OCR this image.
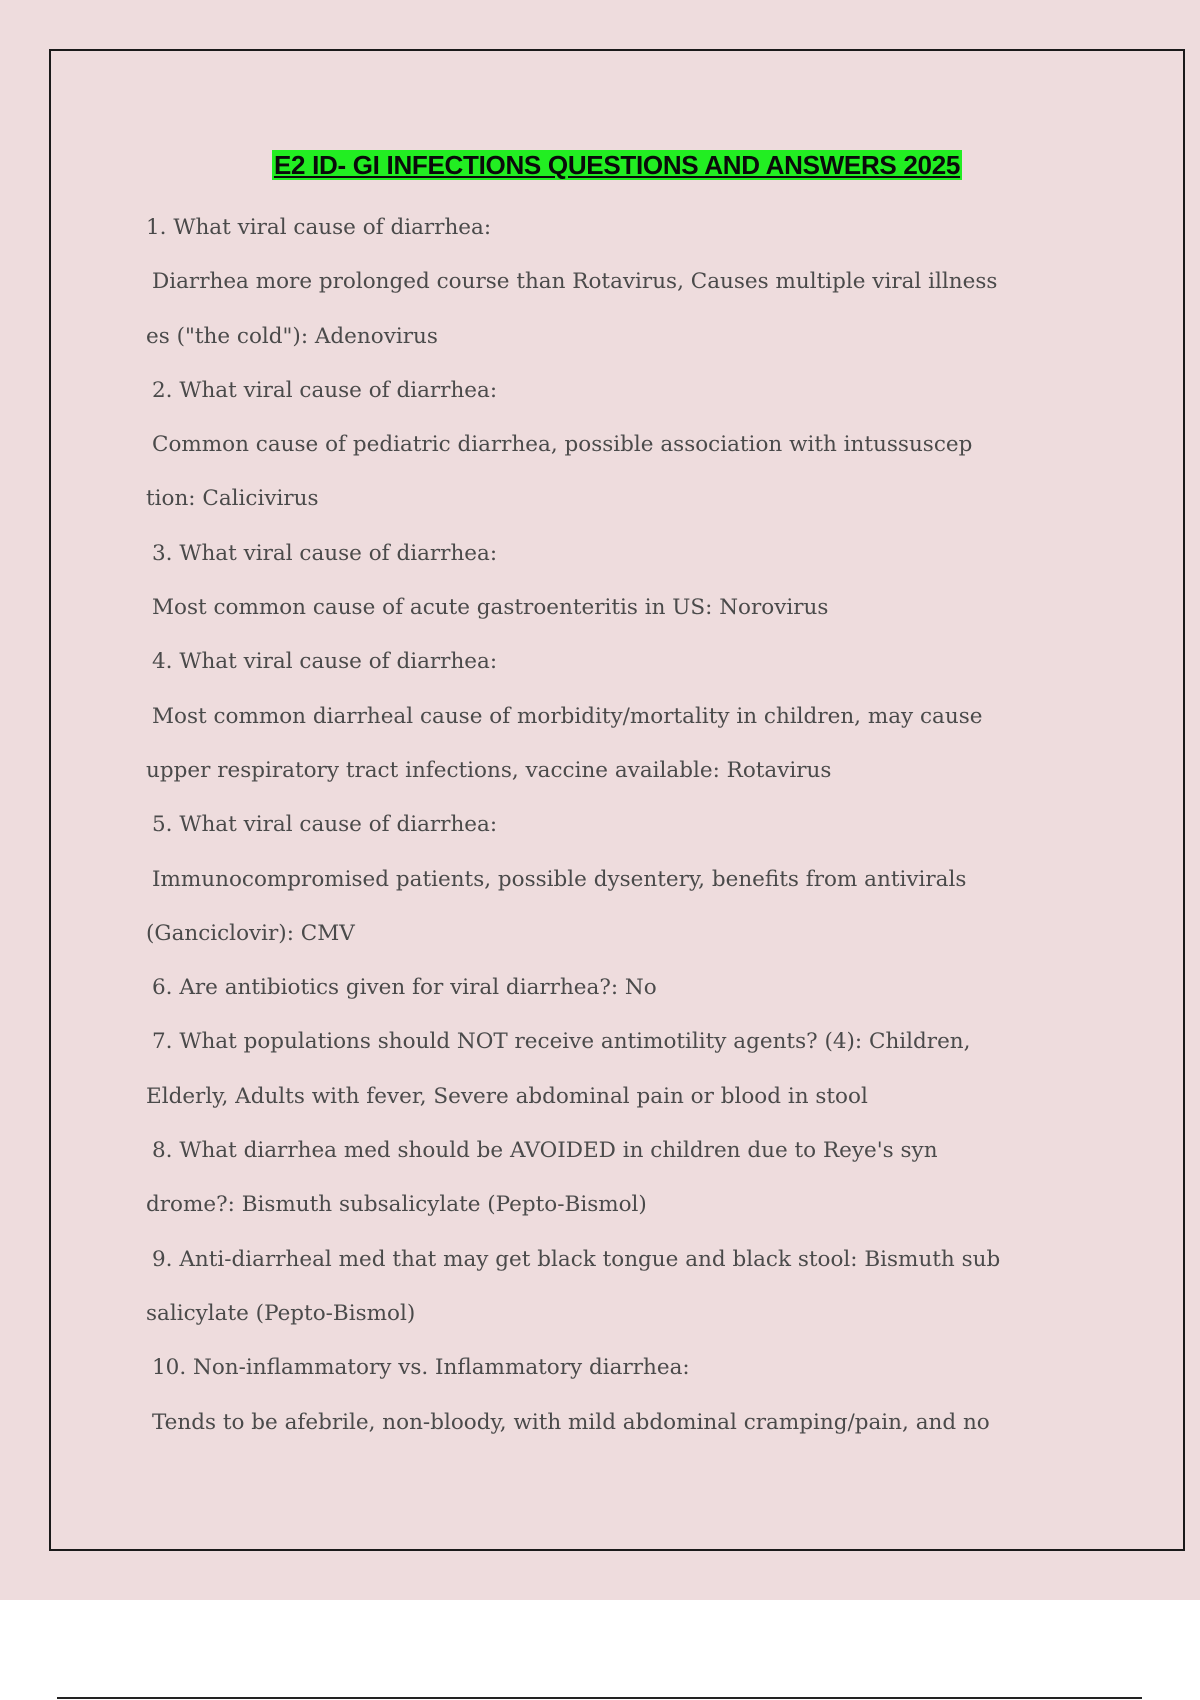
E2 ID- GI INFECTIONS QUESTIONS AND ANSWERS 2025
1. What viral cause of diarrhea:
Diarrhea more prolonged course than Rotavirus, Causes multiple viral illness
es ("the cold"): Adenovirus
2. What viral cause of diarrhea:
Common cause of pediatric diarrhea, possible association with intussuscep
tion: Calicivirus
3. What viral cause of diarrhea:
Most common cause of acute gastroenteritis in US: Norovirus
4. What viral cause of diarrhea:
Most common diarrheal cause of morbidity/mortality in children, may cause
upper respiratory tract infections, vaccine available: Rotavirus
5. What viral cause of diarrhea:
Immunocompromised patients, possible dysentery, benefits from antivirals
(Ganciclovir): CMV
6. Are antibiotics given for viral diarrhea?: No
7. What populations should NOT receive antimotility agents? (4): Children,
Elderly, Adults with fever, Severe abdominal pain or blood in stool
8. What diarrhea med should be AVOIDED in children due to Reye's syn
drome?: Bismuth subsalicylate (Pepto-Bismol)
9. Anti-diarrheal med that may get black tongue and black stool: Bismuth sub
salicylate (Pepto-Bismol)
10. Non-inflammatory vs. Inflammatory diarrhea:
Tends to be afebrile, non-bloody, with mild abdominal cramping/pain, and no
